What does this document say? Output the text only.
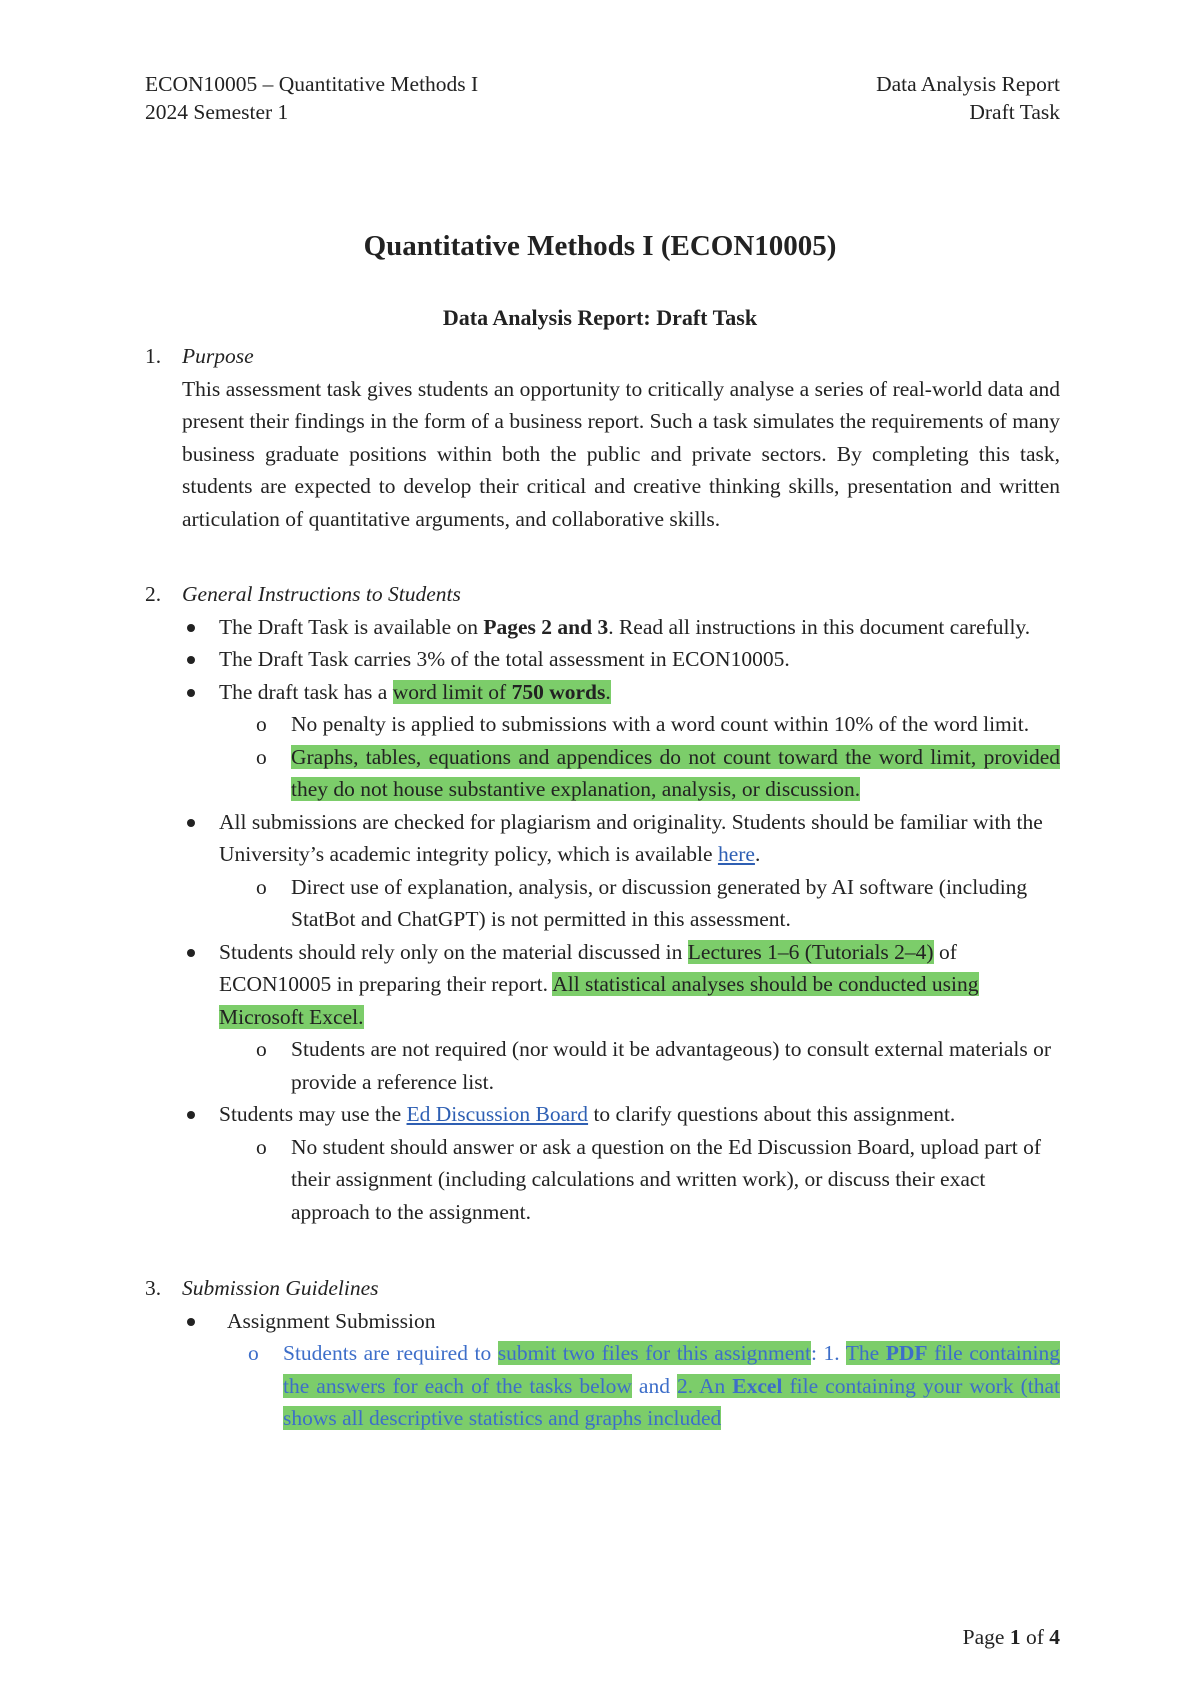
ECON10005 – Quantitative Methods I
2024 Semester 1
Data Analysis Report
Draft Task
Quantitative Methods I (ECON10005)
Data Analysis Report: Draft Task
1. Purpose
This assessment task gives students an opportunity to critically analyse a series of real-world data and present their findings in the form of a business report. Such a task simulates the requirements of many business graduate positions within both the public and private sectors. By completing this task, students are expected to develop their critical and creative thinking skills, presentation and written articulation of quantitative arguments, and collaborative skills.
2. General Instructions to Students
The Draft Task is available on Pages 2 and 3. Read all instructions in this document carefully.
The Draft Task carries 3% of the total assessment in ECON10005.
The draft task has a word limit of 750 words.
o No penalty is applied to submissions with a word count within 10% of the word limit.
o Graphs, tables, equations and appendices do not count toward the word limit, provided they do not house substantive explanation, analysis, or discussion.
All submissions are checked for plagiarism and originality. Students should be familiar with the University’s academic integrity policy, which is available here.
o Direct use of explanation, analysis, or discussion generated by AI software (including StatBot and ChatGPT) is not permitted in this assessment.
Students should rely only on the material discussed in Lectures 1–6 (Tutorials 2–4) of ECON10005 in preparing their report. All statistical analyses should be conducted using Microsoft Excel.
o Students are not required (nor would it be advantageous) to consult external materials or provide a reference list.
Students may use the Ed Discussion Board to clarify questions about this assignment.
o No student should answer or ask a question on the Ed Discussion Board, upload part of their assignment (including calculations and written work), or discuss their exact approach to the assignment.
3. Submission Guidelines
Assignment Submission
o Students are required to submit two files for this assignment: 1. The PDF file containing the answers for each of the tasks below and 2. An Excel file containing your work (that shows all descriptive statistics and graphs included
Page 1 of 4
